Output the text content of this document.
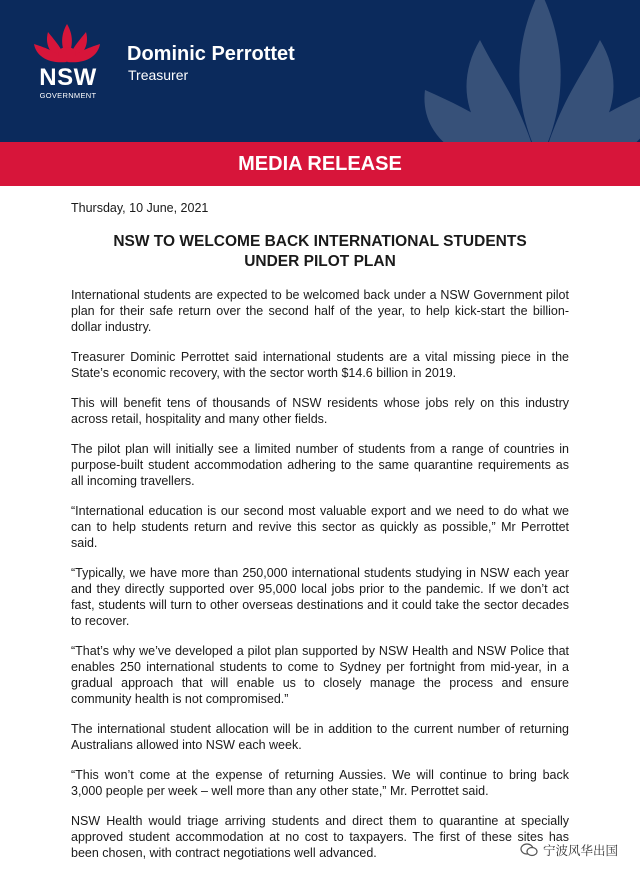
NSW
GOVERNMENT
Dominic Perrottet
Treasurer
MEDIA RELEASE

Thursday, 10 June, 2021

NSW TO WELCOME BACK INTERNATIONAL STUDENTS
UNDER PILOT PLAN

International students are expected to be welcomed back under a NSW Government pilot plan for their safe return over the second half of the year, to help kick-start the billion-dollar industry.

Treasurer Dominic Perrottet said international students are a vital missing piece in the State’s economic recovery, with the sector worth $14.6 billion in 2019.

This will benefit tens of thousands of NSW residents whose jobs rely on this industry across retail, hospitality and many other fields.

The pilot plan will initially see a limited number of students from a range of countries in purpose-built student accommodation adhering to the same quarantine requirements as all incoming travellers.

“International education is our second most valuable export and we need to do what we can to help students return and revive this sector as quickly as possible,” Mr Perrottet said.

“Typically, we have more than 250,000 international students studying in NSW each year and they directly supported over 95,000 local jobs prior to the pandemic. If we don’t act fast, students will turn to other overseas destinations and it could take the sector decades to recover.

“That’s why we’ve developed a pilot plan supported by NSW Health and NSW Police that enables 250 international students to come to Sydney per fortnight from mid-year, in a gradual approach that will enable us to closely manage the process and ensure community health is not compromised.”

The international student allocation will be in addition to the current number of returning Australians allowed into NSW each week.

“This won’t come at the expense of returning Aussies. We will continue to bring back 3,000 people per week – well more than any other state,” Mr. Perrottet said.

NSW Health would triage arriving students and direct them to quarantine at specially approved student accommodation at no cost to taxpayers. The first of these sites has been chosen, with contract negotiations well advanced.	宁波风华出国
